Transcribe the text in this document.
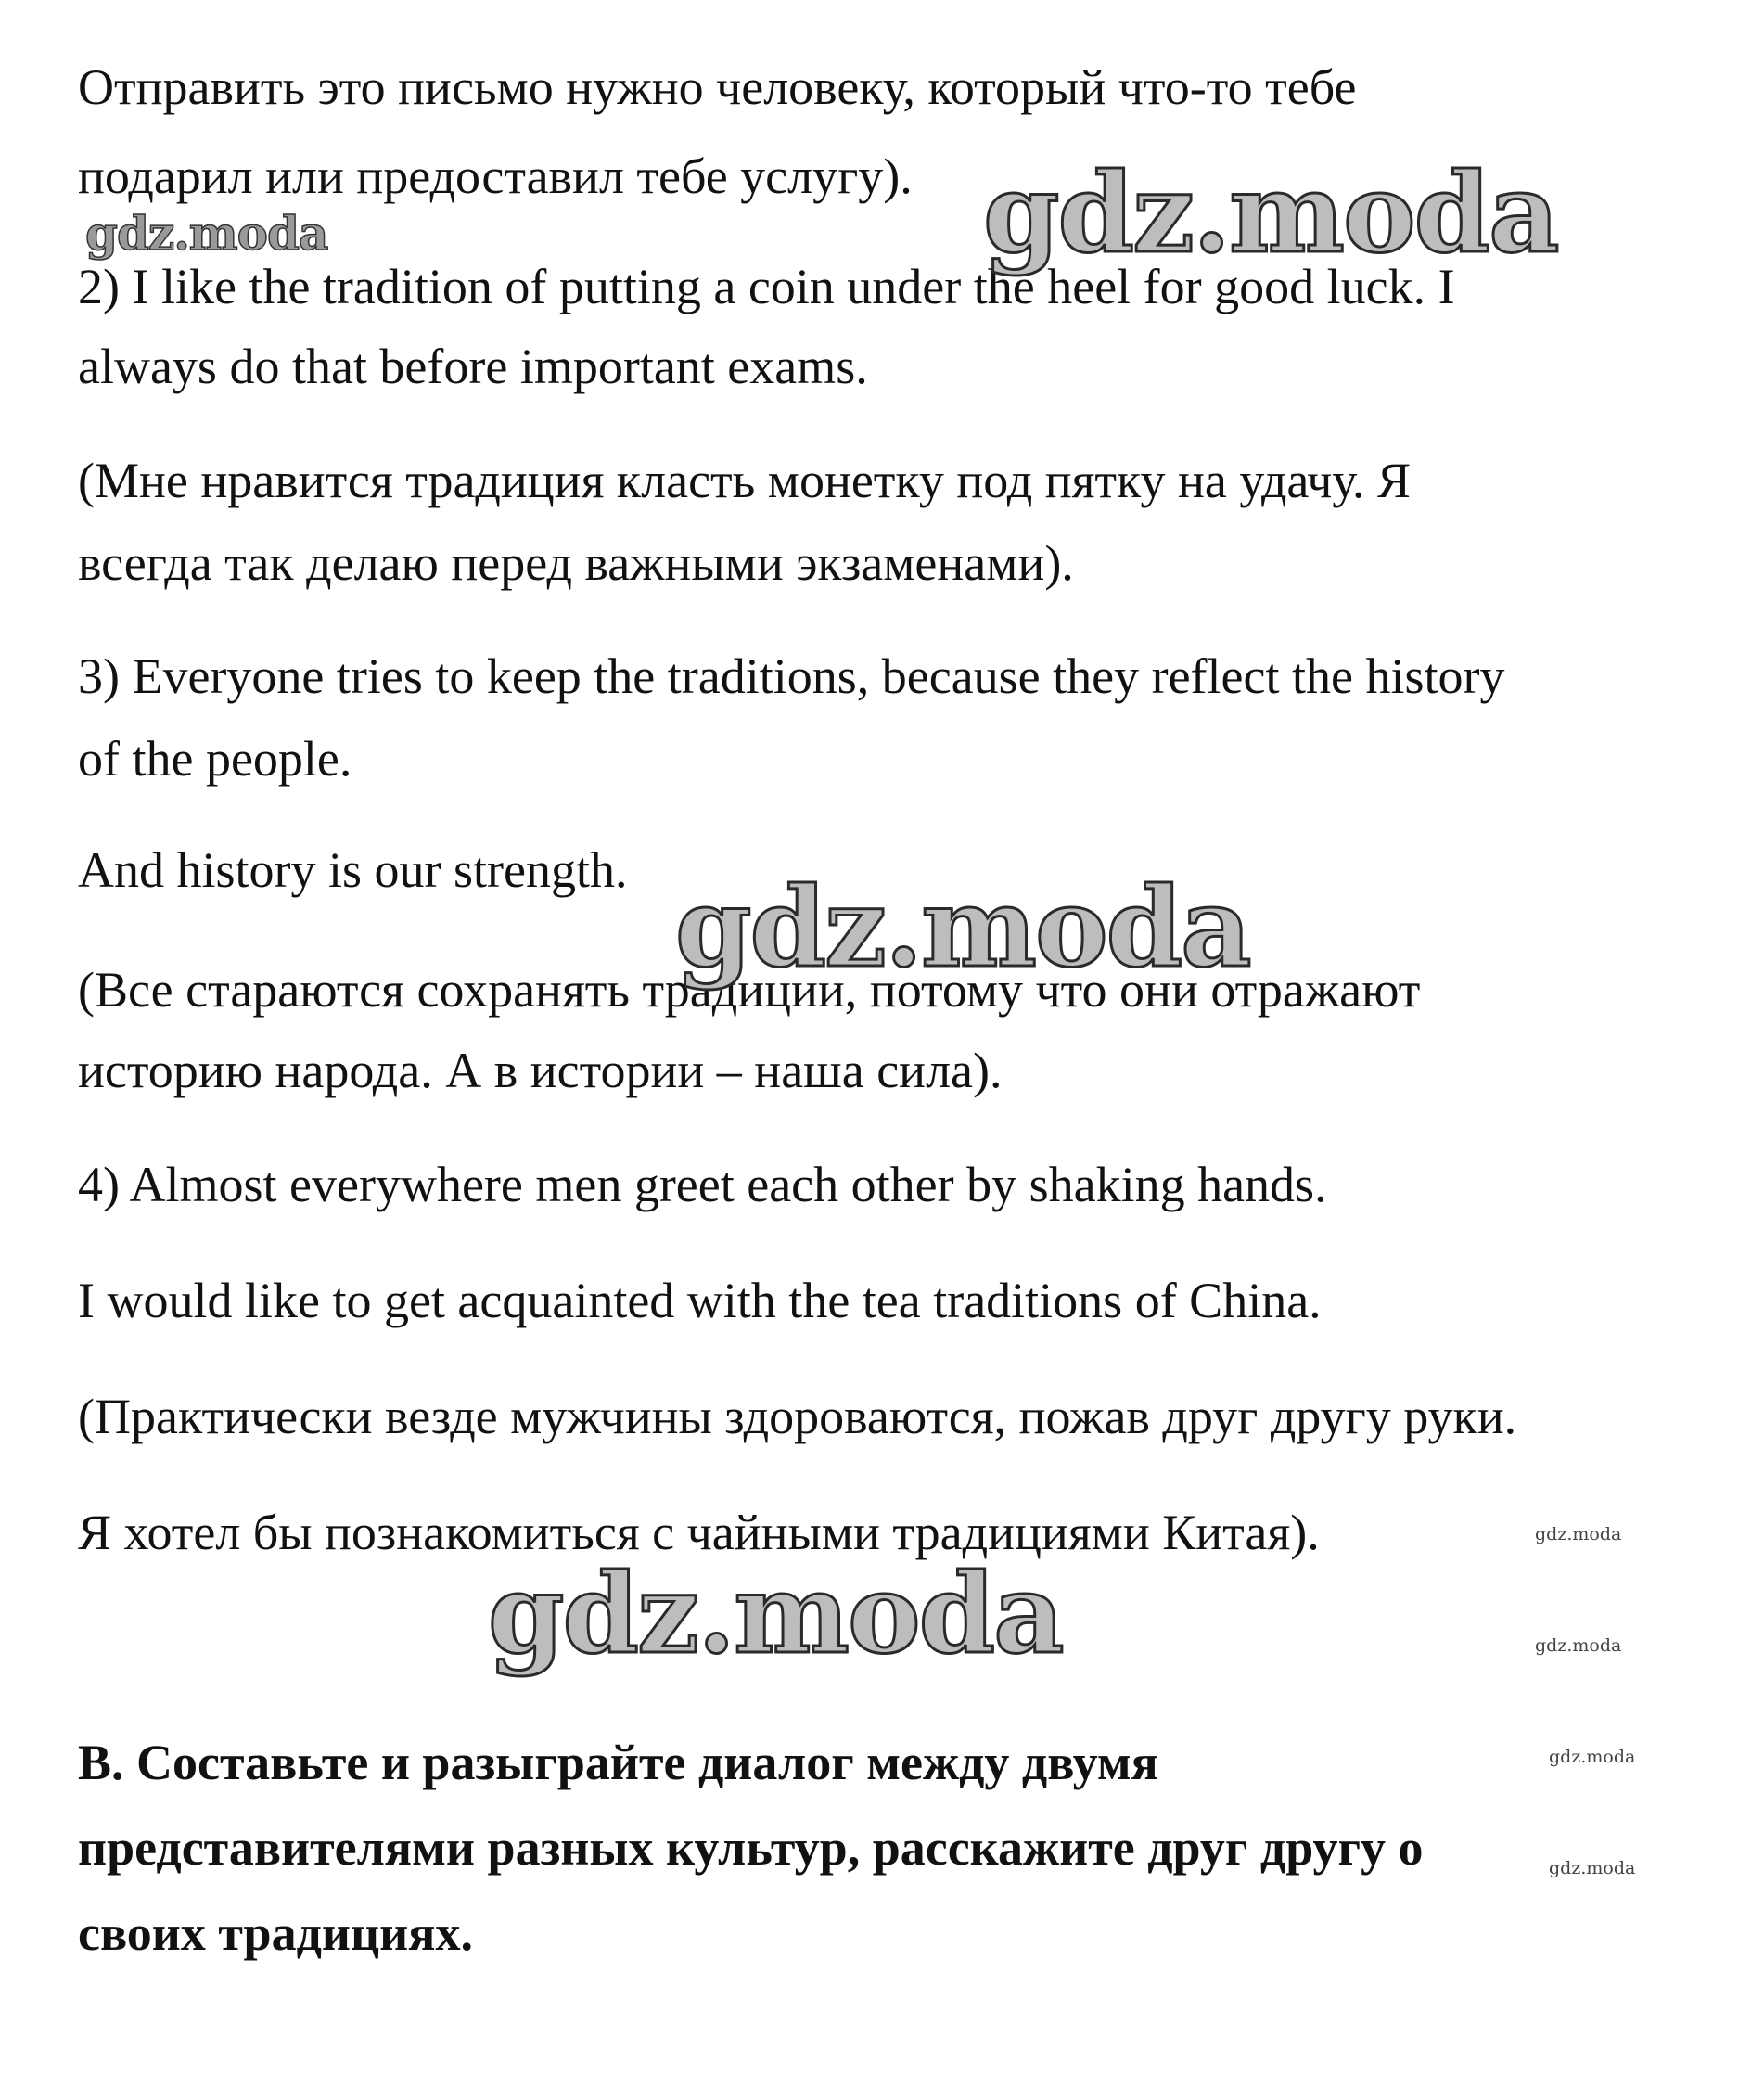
Отправить это письмо нужно человеку, который что-то тебе
подарил или предоставил тебе услугу).
2) I like the tradition of putting a coin under the heel for good luck. I
always do that before important exams.
(Мне нравится традиция класть монетку под пятку на удачу. Я
всегда так делаю перед важными экзаменами).
3) Everyone tries to keep the traditions, because they reflect the history
of the people.
And history is our strength.
(Все стараются сохранять традиции, потому что они отражают
историю народа. А в истории – наша сила).
4) Almost everywhere men greet each other by shaking hands.
I would like to get acquainted with the tea traditions of China.
(Практически везде мужчины здороваются, пожав друг другу руки.
Я хотел бы познакомиться с чайными традициями Китая).
B. Составьте и разыграйте диалог между двумя
представителями разных культур, расскажите друг другу о
своих традициях.
gdz.moda
gdz.moda
gdz.moda
gdz.moda
gdz.moda
gdz.moda
gdz.moda
gdz.moda
